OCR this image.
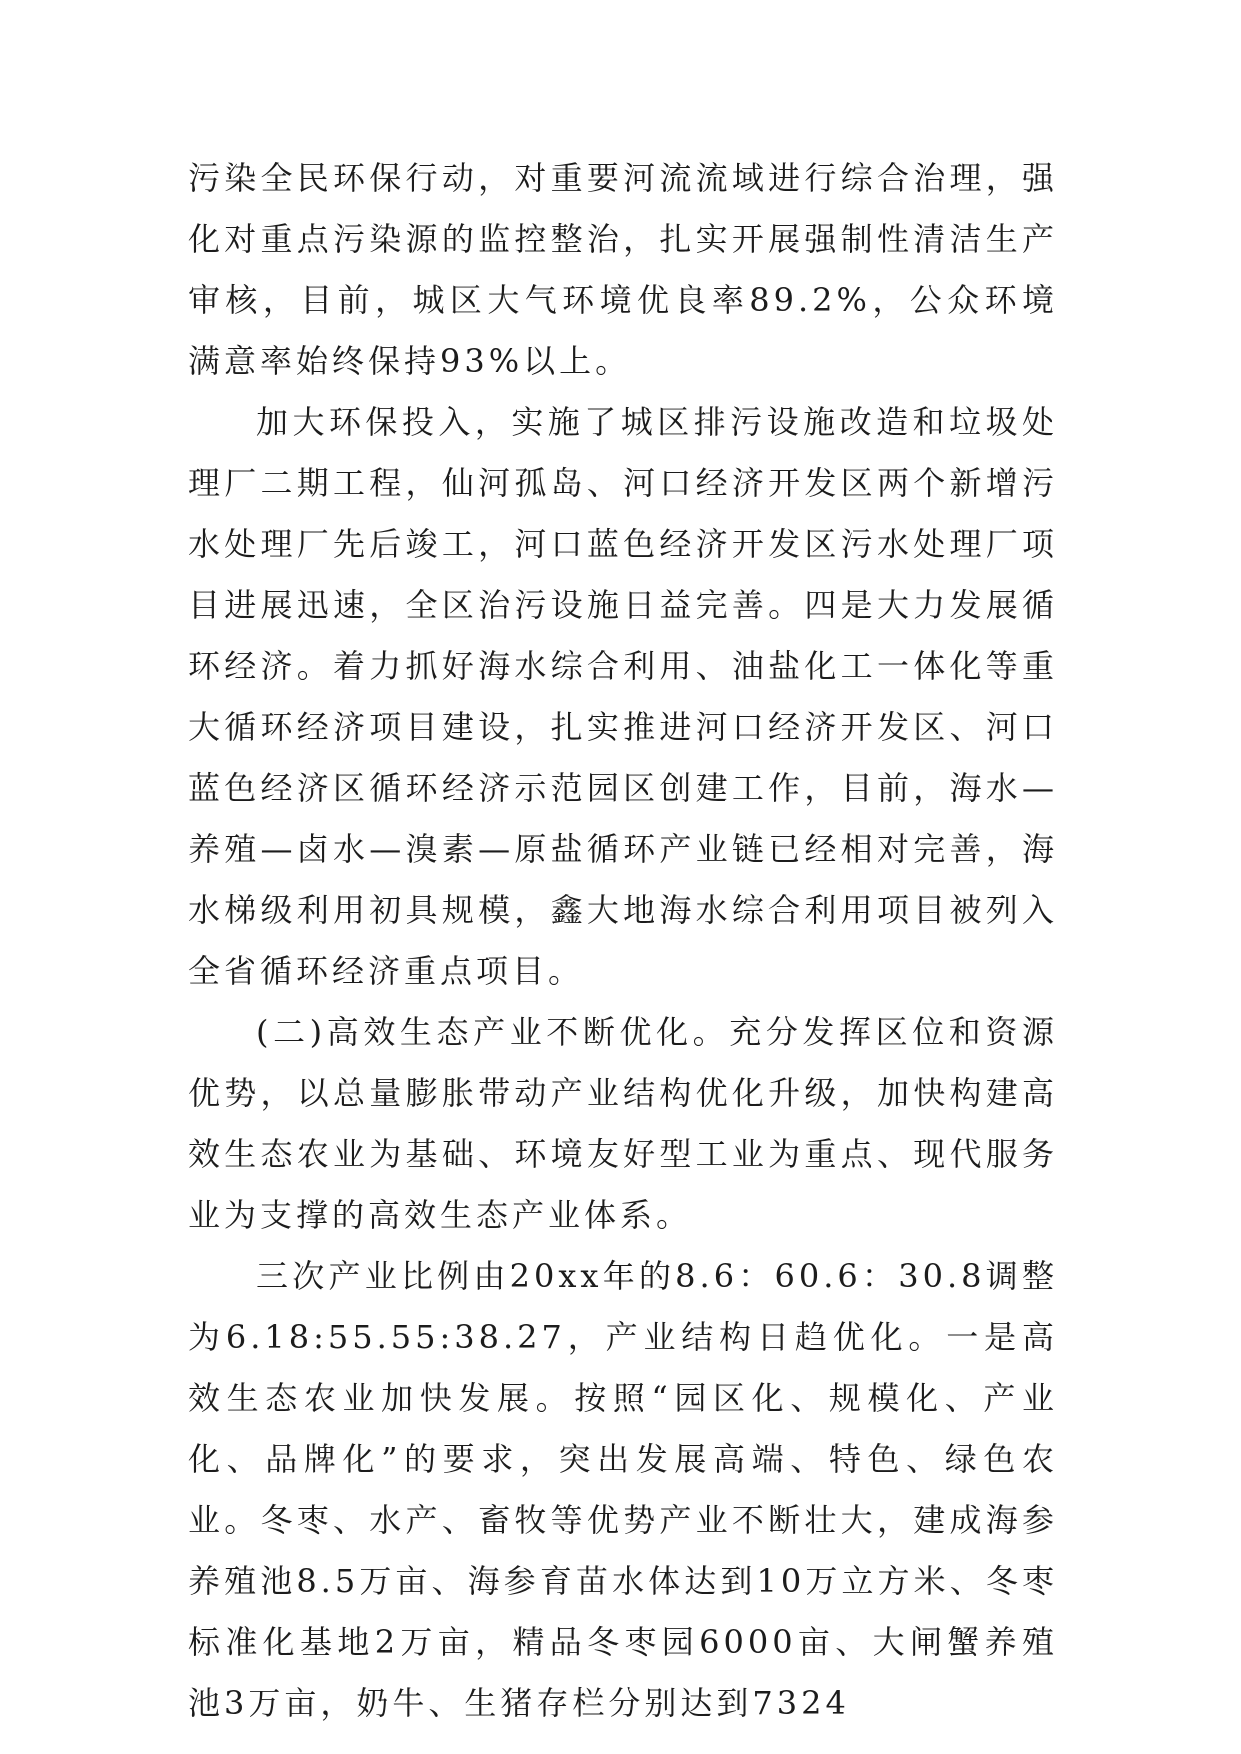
污染全民环保行动，对重要河流流域进行综合治理，强化对重点污染源的监控整治，扎实开展强制性清洁生产审核，目前，城区大气环境优良率89.2%，公众环境满意率始终保持93%以上。

加大环保投入，实施了城区排污设施改造和垃圾处理厂二期工程，仙河孤岛、河口经济开发区两个新增污水处理厂先后竣工，河口蓝色经济开发区污水处理厂项目进展迅速，全区治污设施日益完善。四是大力发展循环经济。着力抓好海水综合利用、油盐化工一体化等重大循环经济项目建设，扎实推进河口经济开发区、河口蓝色经济区循环经济示范园区创建工作，目前，海水—养殖—卤水—溴素—原盐循环产业链已经相对完善，海水梯级利用初具规模，鑫大地海水综合利用项目被列入全省循环经济重点项目。

(二)高效生态产业不断优化。充分发挥区位和资源优势，以总量膨胀带动产业结构优化升级，加快构建高效生态农业为基础、环境友好型工业为重点、现代服务业为支撑的高效生态产业体系。

三次产业比例由20xx年的8.6：60.6：30.8调整为6.18:55.55:38.27，产业结构日趋优化。一是高效生态农业加快发展。按照“园区化、规模化、产业化、品牌化”的要求，突出发展高端、特色、绿色农业。冬枣、水产、畜牧等优势产业不断壮大，建成海参养殖池8.5万亩、海参育苗水体达到10万立方米、冬枣标准化基地2万亩，精品冬枣园6000亩、大闸蟹养殖池3万亩，奶牛、生猪存栏分别达到7324
